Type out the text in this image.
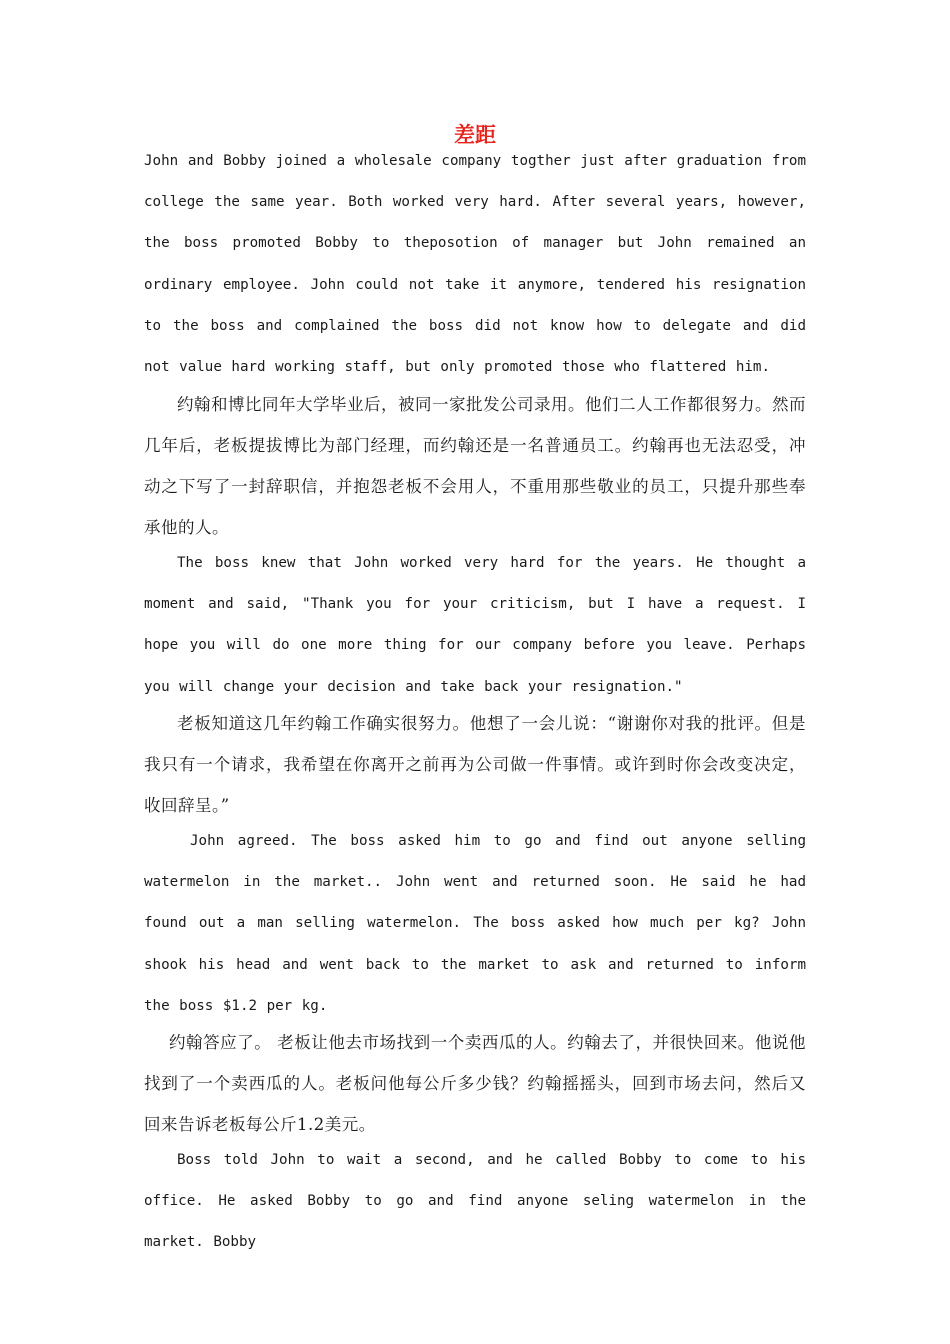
差距

John and Bobby joined a wholesale company togther just after graduation from college the same year. Both worked very hard. After several years, however, the boss promoted Bobby to theposotion of manager but John remained an ordinary employee. John could not take it anymore, tendered his resignation to the boss and complained the boss did not know how to delegate and did not value hard working staff, but only promoted those who flattered him.

约翰和博比同年大学毕业后，被同一家批发公司录用。他们二人工作都很努力。然而几年后，老板提拔博比为部门经理，而约翰还是一名普通员工。约翰再也无法忍受，冲动之下写了一封辞职信，并抱怨老板不会用人，不重用那些敬业的员工，只提升那些奉承他的人。

The boss knew that John worked very hard for the years. He thought a moment and said, "Thank you for your criticism, but I have a request. I hope you will do one more thing for our company before you leave. Perhaps you will change your decision and take back your resignation."

老板知道这几年约翰工作确实很努力。他想了一会儿说：“谢谢你对我的批评。但是我只有一个请求，我希望在你离开之前再为公司做一件事情。或许到时你会改变决定，收回辞呈。”

John agreed. The boss asked him to go and find out anyone selling watermelon in the market.. John went and returned soon. He said he had found out a man selling watermelon. The boss asked how much per kg? John shook his head and went back to the market to ask and returned to inform the boss $1.2 per kg.

约翰答应了。 老板让他去市场找到一个卖西瓜的人。约翰去了，并很快回来。他说他找到了一个卖西瓜的人。老板问他每公斤多少钱？约翰摇摇头，回到市场去问，然后又回来告诉老板每公斤1.2美元。

Boss told John to wait a second, and he called Bobby to come to his office. He asked Bobby to go and find anyone seling watermelon in the market. Bobby
